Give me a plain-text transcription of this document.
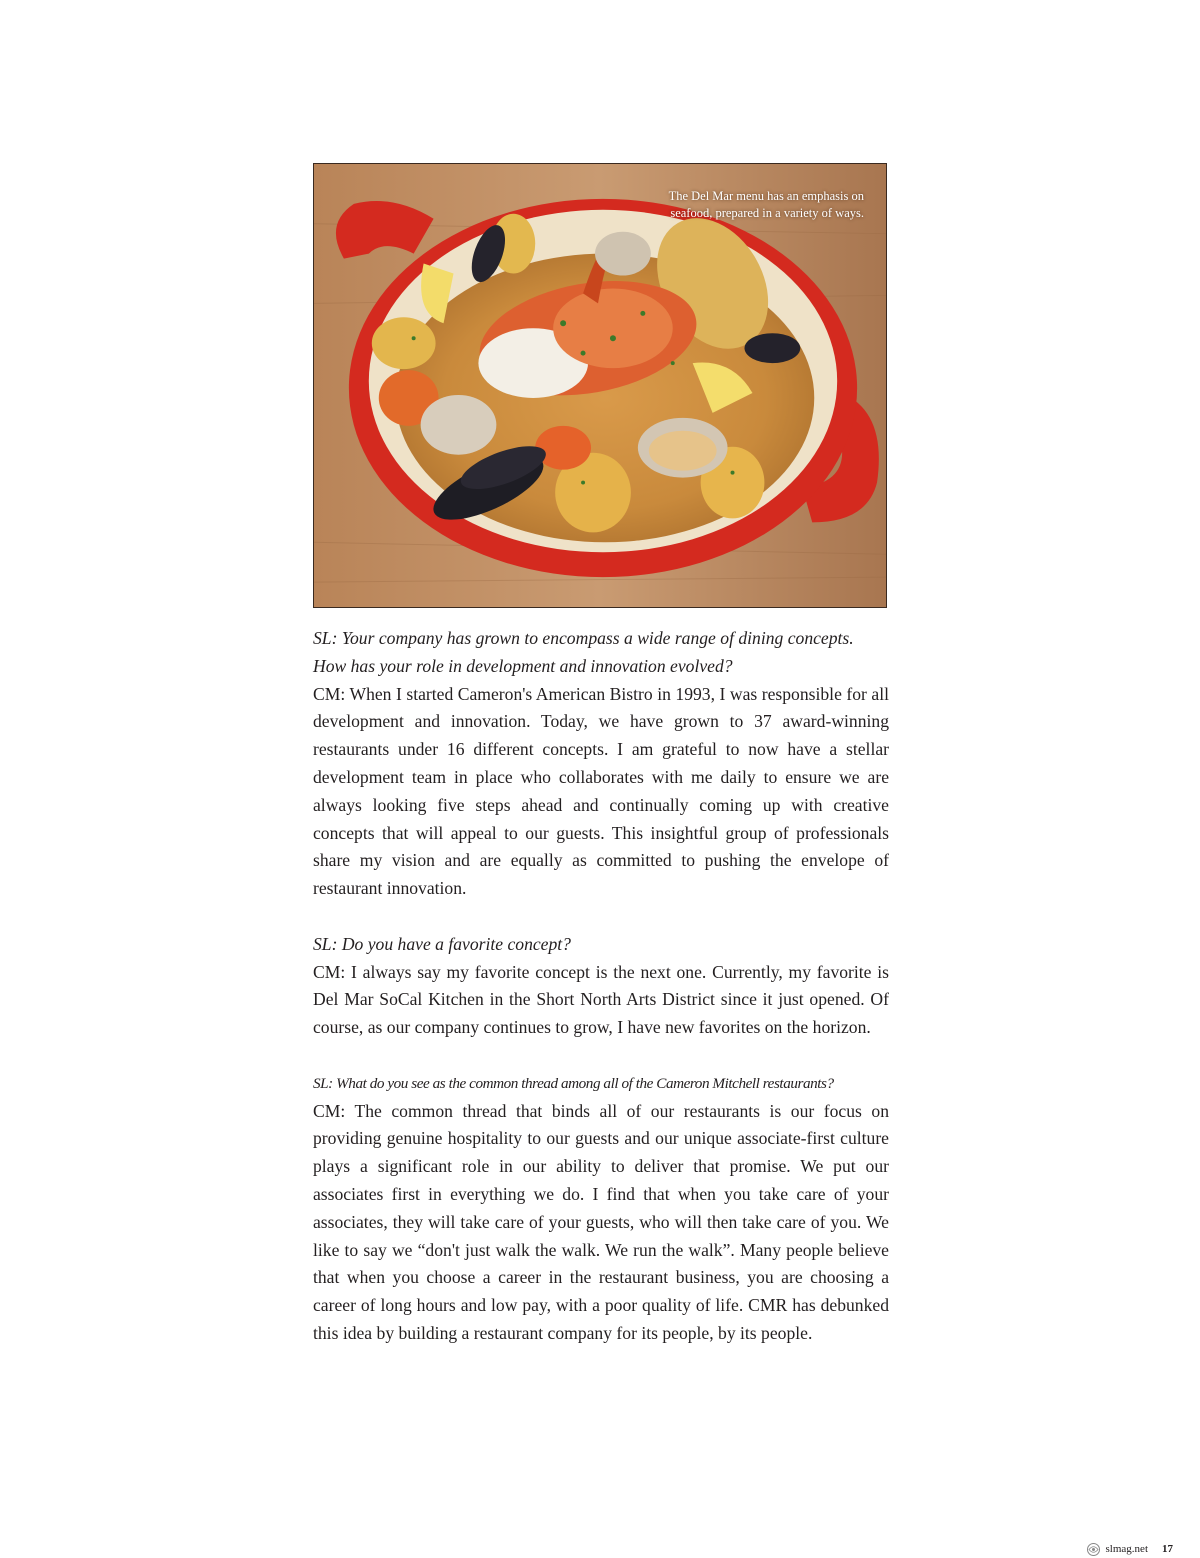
The Del Mar menu has an emphasis on seafood, prepared in a variety of ways.

SL: Your company has grown to encompass a wide range of dining concepts. How has your role in development and innovation evolved?

CM: When I started Cameron's American Bistro in 1993, I was responsible for all development and innovation. Today, we have grown to 37 award-winning restaurants under 16 different concepts. I am grateful to now have a stellar development team in place who collaborates with me daily to ensure we are always looking five steps ahead and continually coming up with creative concepts that will appeal to our guests. This insightful group of professionals share my vision and are equally as committed to pushing the envelope of restaurant innovation.

SL: Do you have a favorite concept?

CM: I always say my favorite concept is the next one. Currently, my favorite is Del Mar SoCal Kitchen in the Short North Arts District since it just opened. Of course, as our company continues to grow, I have new favorites on the horizon.

SL: What do you see as the common thread among all of the Cameron Mitchell restaurants?

CM: The common thread that binds all of our restaurants is our focus on providing genuine hospitality to our guests and our unique associate-first culture plays a significant role in our ability to deliver that promise. We put our associates first in everything we do. I find that when you take care of your associates, they will take care of your guests, who will then take care of you. We like to say we “don't just walk the walk. We run the walk”. Many people believe that when you choose a career in the restaurant business, you are choosing a career of long hours and low pay, with a poor quality of life. CMR has debunked this idea by building a restaurant company for its people, by its people.

slmag.net 17
